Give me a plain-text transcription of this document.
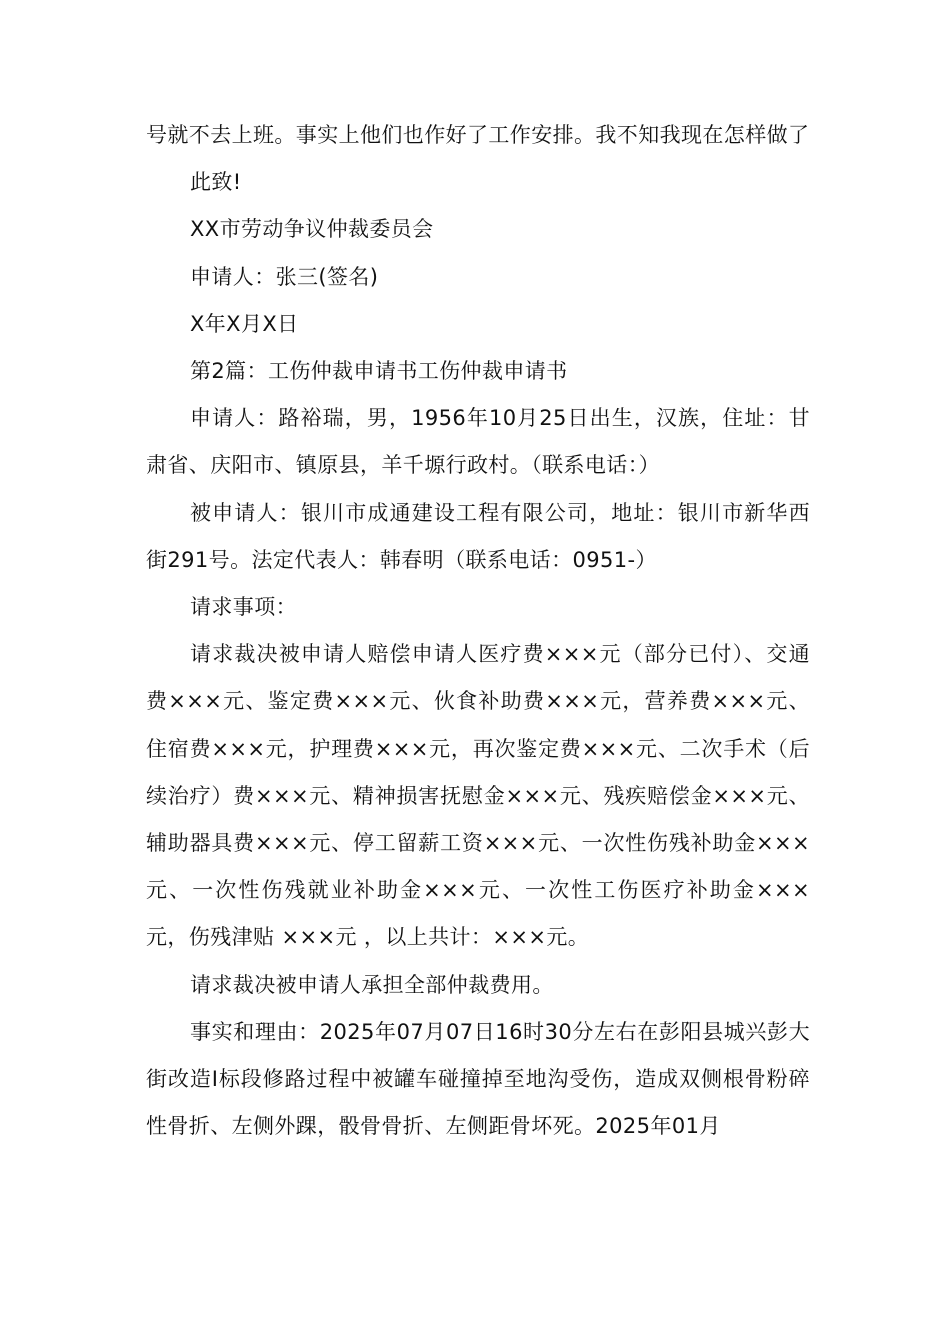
号就不去上班。事实上他们也作好了工作安排。我不知我现在怎样做了

此致!

XX市劳动争议仲裁委员会

申请人：张三(签名)

X年X月X日

第2篇：工伤仲裁申请书工伤仲裁申请书

申请人：路裕瑞，男，1956年10月25日出生，汉族，住址：甘肃省、庆阳市、镇原县，羊千塬行政村。（联系电话：）

被申请人：银川市成通建设工程有限公司，地址：银川市新华西街291号。法定代表人：韩春明（联系电话：0951-）

请求事项：

请求裁决被申请人赔偿申请人医疗费×××元（部分已付）、交通费×××元、鉴定费×××元、伙食补助费×××元，营养费×××元、住宿费×××元，护理费×××元，再次鉴定费×××元、二次手术（后续治疗）费×××元、精神损害抚慰金×××元、残疾赔偿金×××元、辅助器具费×××元、停工留薪工资×××元、一次性伤残补助金×××元、一次性伤残就业补助金×××元、一次性工伤医疗补助金×××元，伤残津贴 ×××元 ，以上共计：×××元。

请求裁决被申请人承担全部仲裁费用。

事实和理由：2025年07月07日16时30分左右在彭阳县城兴彭大街改造I标段修路过程中被罐车碰撞掉至地沟受伤，造成双侧根骨粉碎性骨折、左侧外踝，骰骨骨折、左侧距骨坏死。2025年01月
